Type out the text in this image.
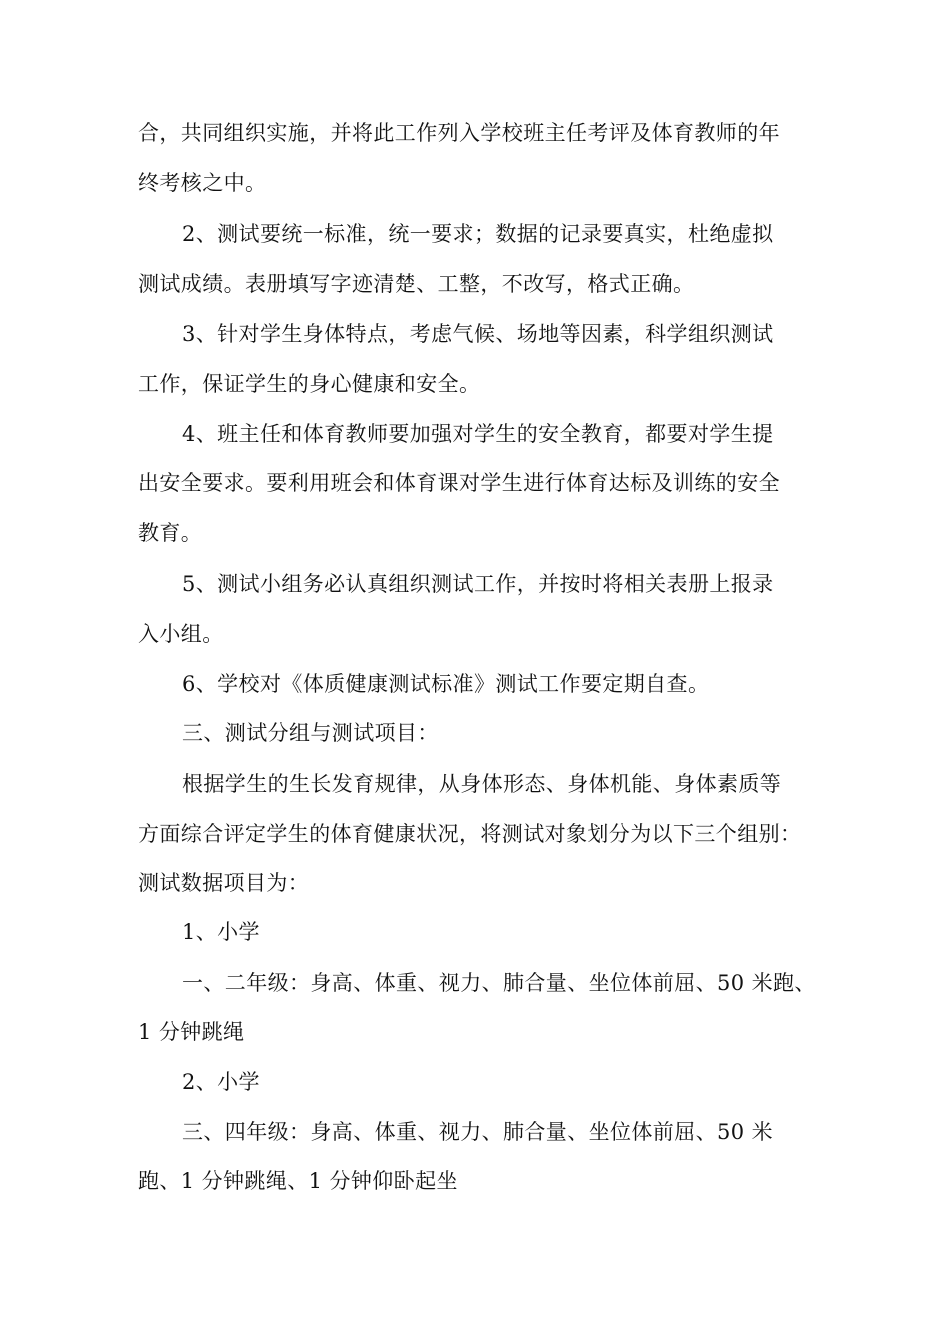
合，共同组织实施，并将此工作列入学校班主任考评及体育教师的年
终考核之中。
2、测试要统一标准，统一要求；数据的记录要真实，杜绝虚拟
测试成绩。表册填写字迹清楚、工整，不改写，格式正确。
3、针对学生身体特点，考虑气候、场地等因素，科学组织测试
工作，保证学生的身心健康和安全。
4、班主任和体育教师要加强对学生的安全教育，都要对学生提
出安全要求。要利用班会和体育课对学生进行体育达标及训练的安全
教育。
5、测试小组务必认真组织测试工作，并按时将相关表册上报录
入小组。
6、学校对《体质健康测试标准》测试工作要定期自查。
三、测试分组与测试项目：
根据学生的生长发育规律，从身体形态、身体机能、身体素质等
方面综合评定学生的体育健康状况，将测试对象划分为以下三个组别：
测试数据项目为：
1、小学
一、二年级：身高、体重、视力、肺合量、坐位体前屈、50 米跑、
1 分钟跳绳
2、小学
三、四年级：身高、体重、视力、肺合量、坐位体前屈、50 米
跑、1 分钟跳绳、1 分钟仰卧起坐
